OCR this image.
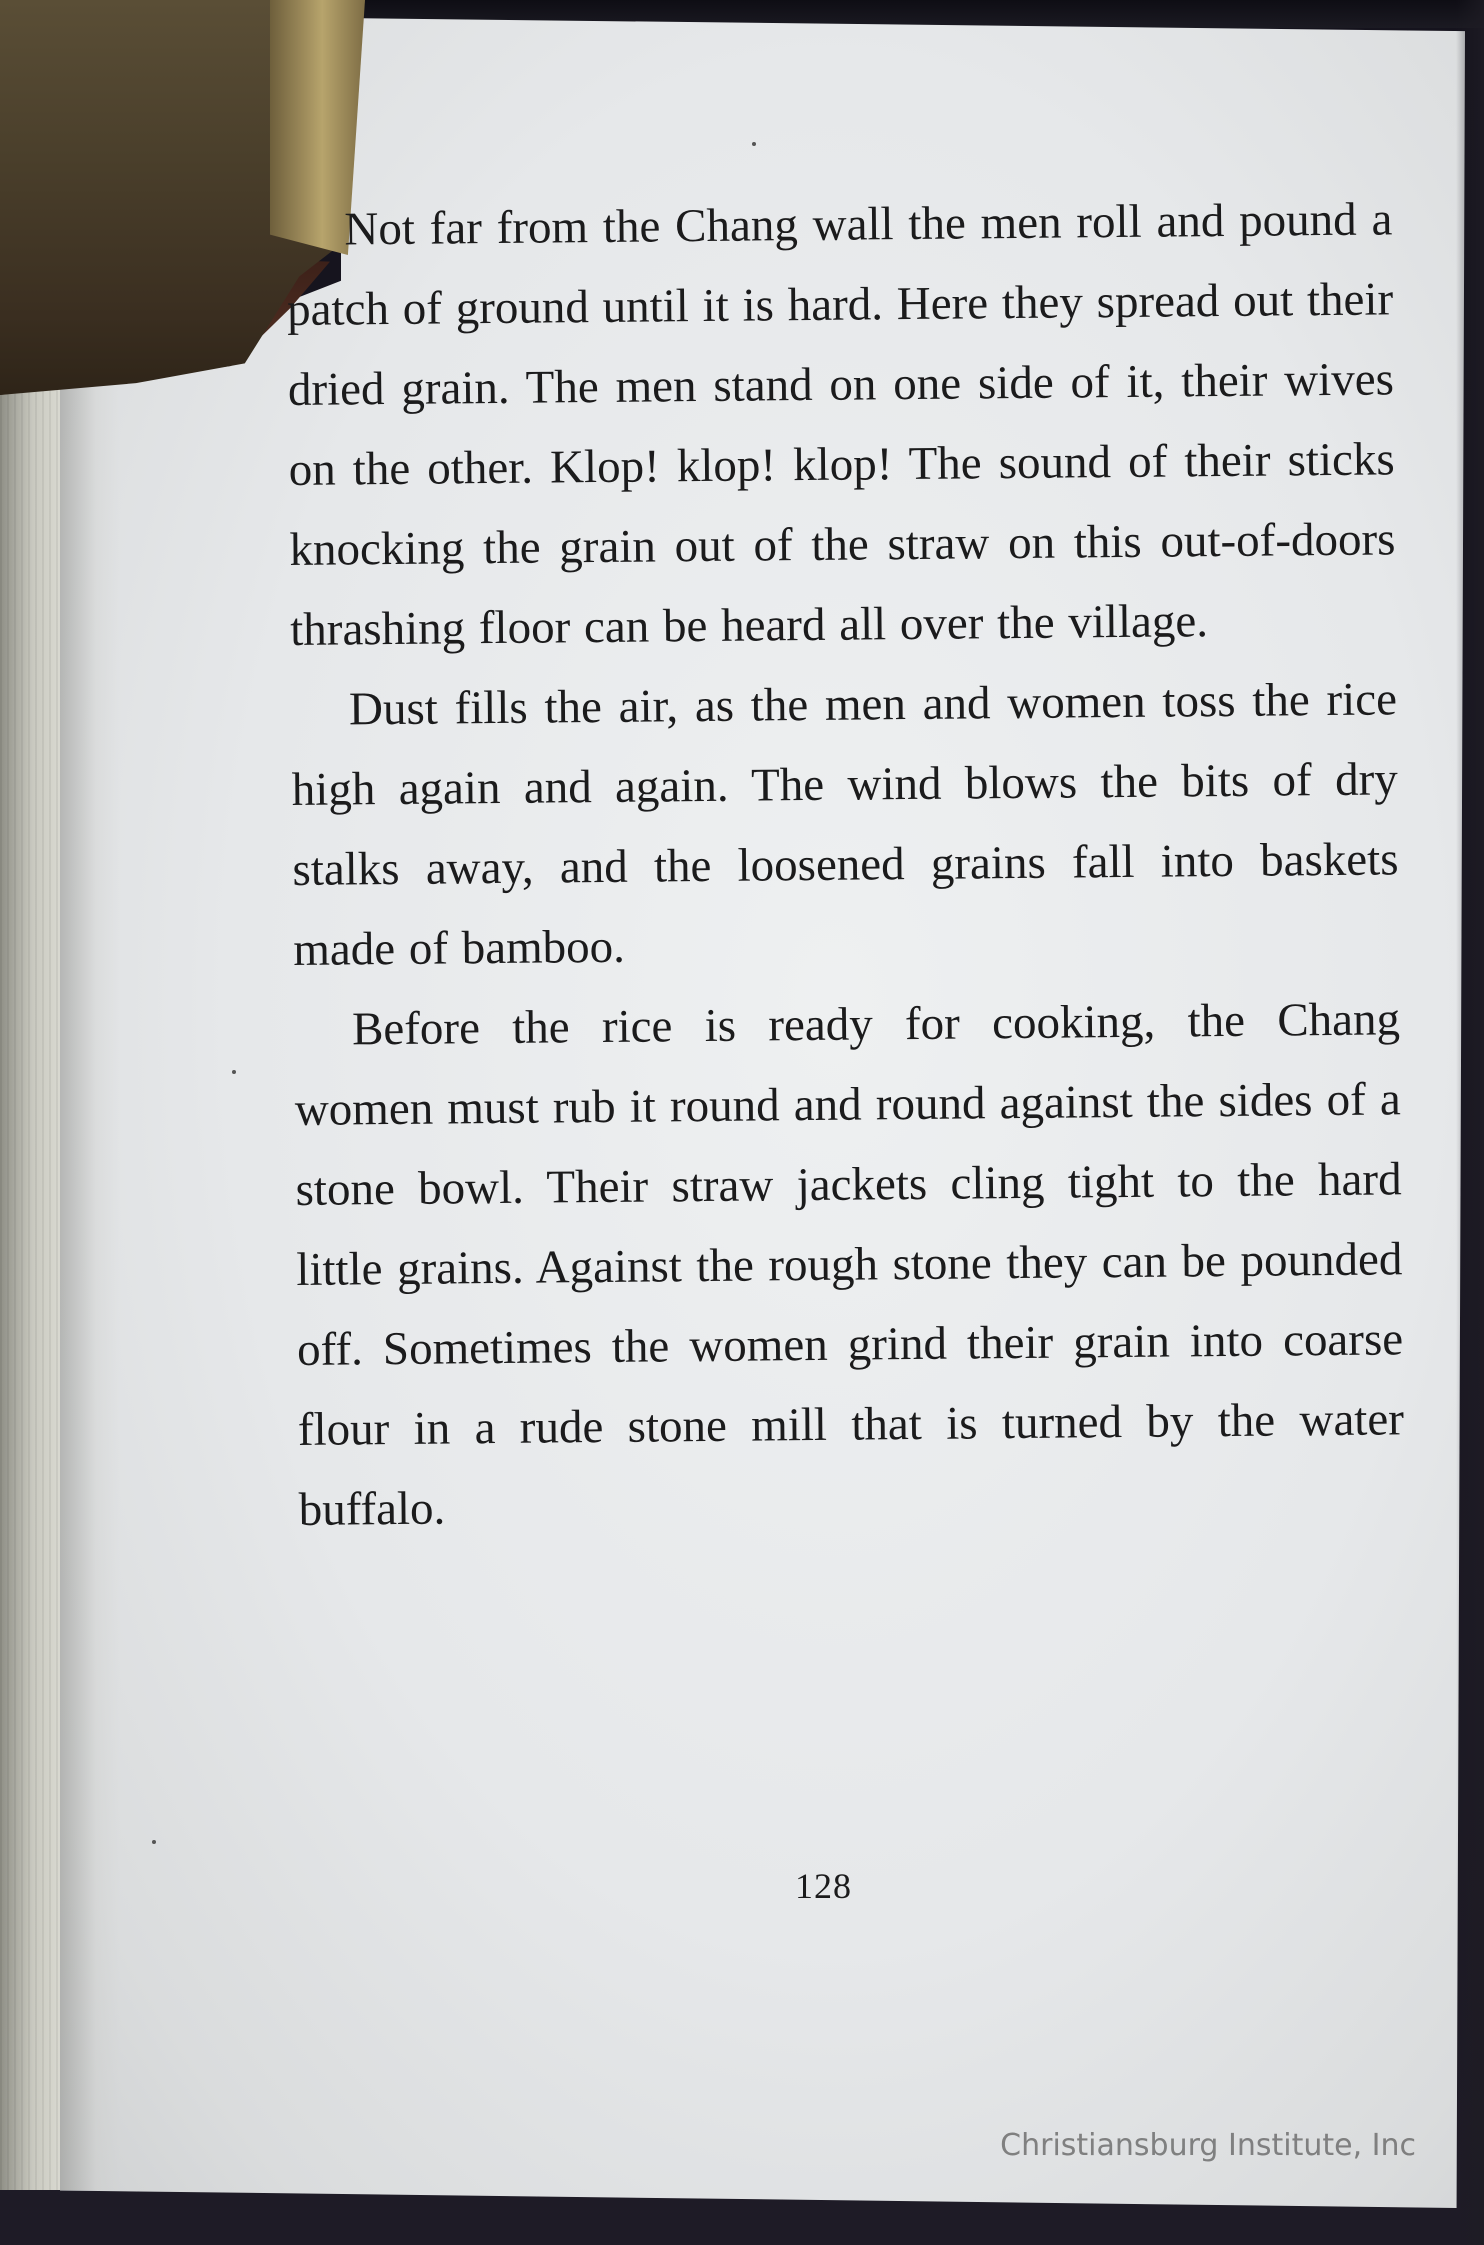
Not far from the Chang wall the men roll and pound a patch of ground until it is hard. Here they spread out their dried grain. The men stand on one side of it, their wives on the other. Klop! klop! klop! The sound of their sticks knocking the grain out of the straw on this out-of-doors thrashing floor can be heard all over the village.

Dust fills the air, as the men and women toss the rice high again and again. The wind blows the bits of dry stalks away, and the loosened grains fall into baskets made of bamboo.

Before the rice is ready for cooking, the Chang women must rub it round and round against the sides of a stone bowl. Their straw jackets cling tight to the hard little grains. Against the rough stone they can be pounded off. Sometimes the women grind their grain into coarse flour in a rude stone mill that is turned by the water buffalo.

128
Christiansburg Institute, Inc
